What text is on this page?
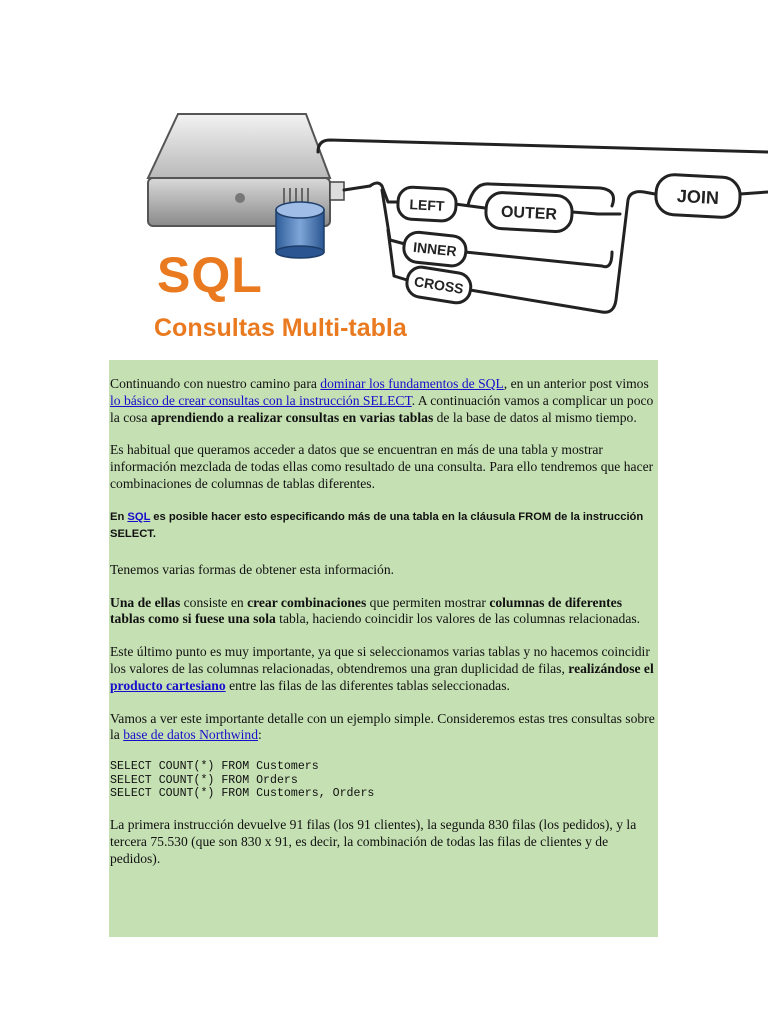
LEFT	OUTER
INNER
CROSS
JOIN
SQL
Consultas Multi-tabla

Continuando con nuestro camino para dominar los fundamentos de SQL, en un anterior post vimos lo básico de crear consultas con la instrucción SELECT. A continuación vamos a complicar un poco la cosa aprendiendo a realizar consultas en varias tablas de la base de datos al mismo tiempo.

Es habitual que queramos acceder a datos que se encuentran en más de una tabla y mostrar información mezclada de todas ellas como resultado de una consulta. Para ello tendremos que hacer combinaciones de columnas de tablas diferentes.

En SQL es posible hacer esto especificando más de una tabla en la cláusula FROM de la instrucción SELECT.

Tenemos varias formas de obtener esta información.

Una de ellas consiste en crear combinaciones que permiten mostrar columnas de diferentes tablas como si fuese una sola tabla, haciendo coincidir los valores de las columnas relacionadas.

Este último punto es muy importante, ya que si seleccionamos varias tablas y no hacemos coincidir los valores de las columnas relacionadas, obtendremos una gran duplicidad de filas, realizándose el producto cartesiano entre las filas de las diferentes tablas seleccionadas.

Vamos a ver este importante detalle con un ejemplo simple. Consideremos estas tres consultas sobre la base de datos Northwind:

SELECT COUNT(*) FROM Customers
SELECT COUNT(*) FROM Orders
SELECT COUNT(*) FROM Customers, Orders

La primera instrucción devuelve 91 filas (los 91 clientes), la segunda 830 filas (los pedidos), y la tercera 75.530 (que son 830 x 91, es decir, la combinación de todas las filas de clientes y de pedidos).
